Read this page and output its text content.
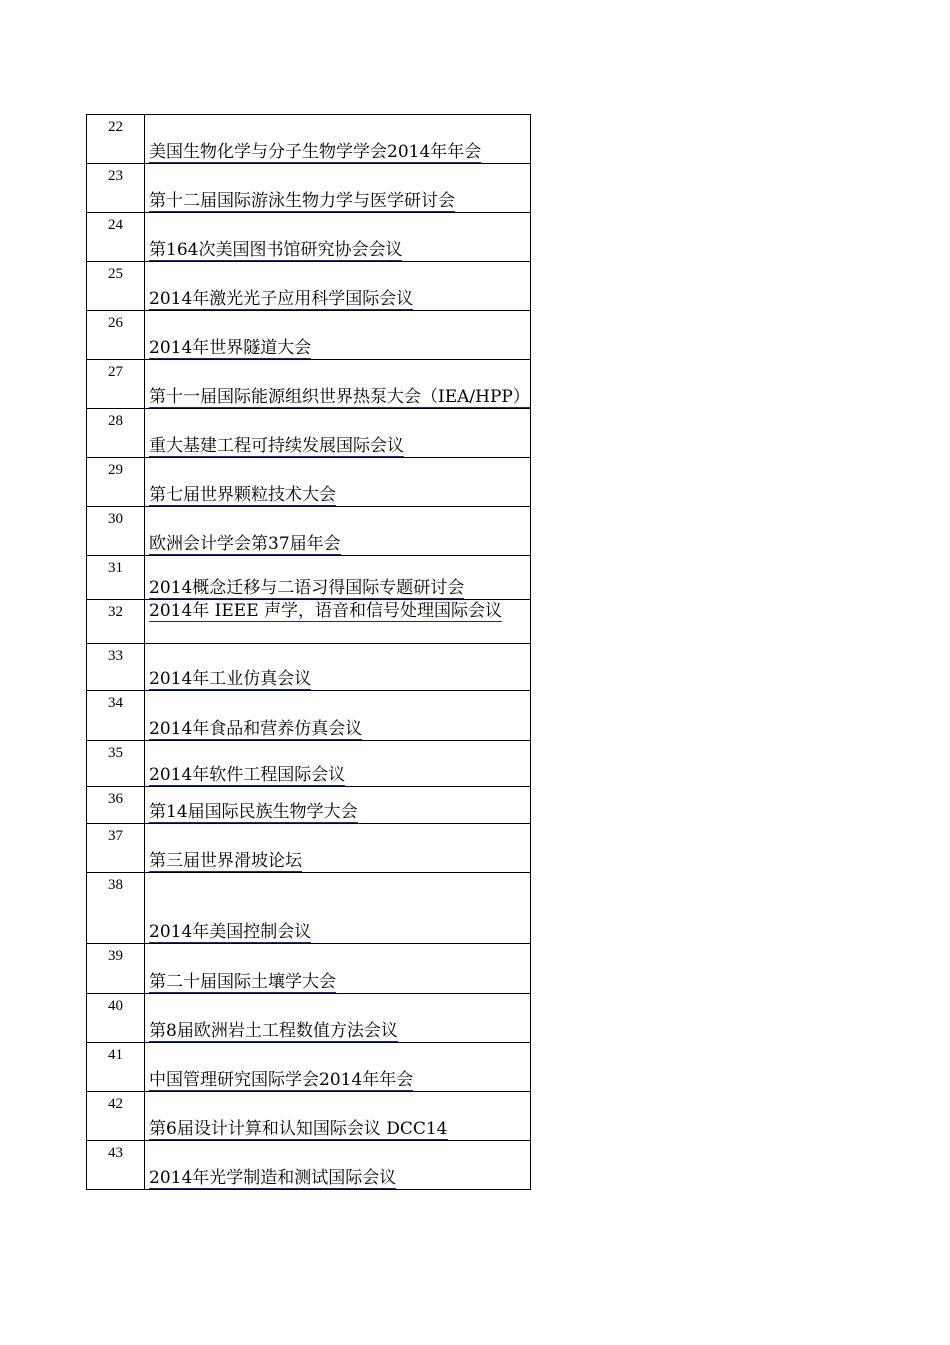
22	美国生物化学与分子生物学学会2014年年会
23	第十二届国际游泳生物力学与医学研讨会
24	第164次美国图书馆研究协会会议
25	2014年激光光子应用科学国际会议
26	2014年世界隧道大会
27	第十一届国际能源组织世界热泵大会（IEA/HPP）
28	重大基建工程可持续发展国际会议
29	第七届世界颗粒技术大会
30	欧洲会计学会第37届年会
31	2014概念迁移与二语习得国际专题研讨会
32	2014年 IEEE 声学，语音和信号处理国际会议
33	2014年工业仿真会议
34	2014年食品和营养仿真会议
35	2014年软件工程国际会议
36	第14届国际民族生物学大会
37	第三届世界滑坡论坛
38	2014年美国控制会议
39	第二十届国际土壤学大会
40	第8届欧洲岩土工程数值方法会议
41	中国管理研究国际学会2014年年会
42	第6届设计计算和认知国际会议 DCC14
43	2014年光学制造和测试国际会议
